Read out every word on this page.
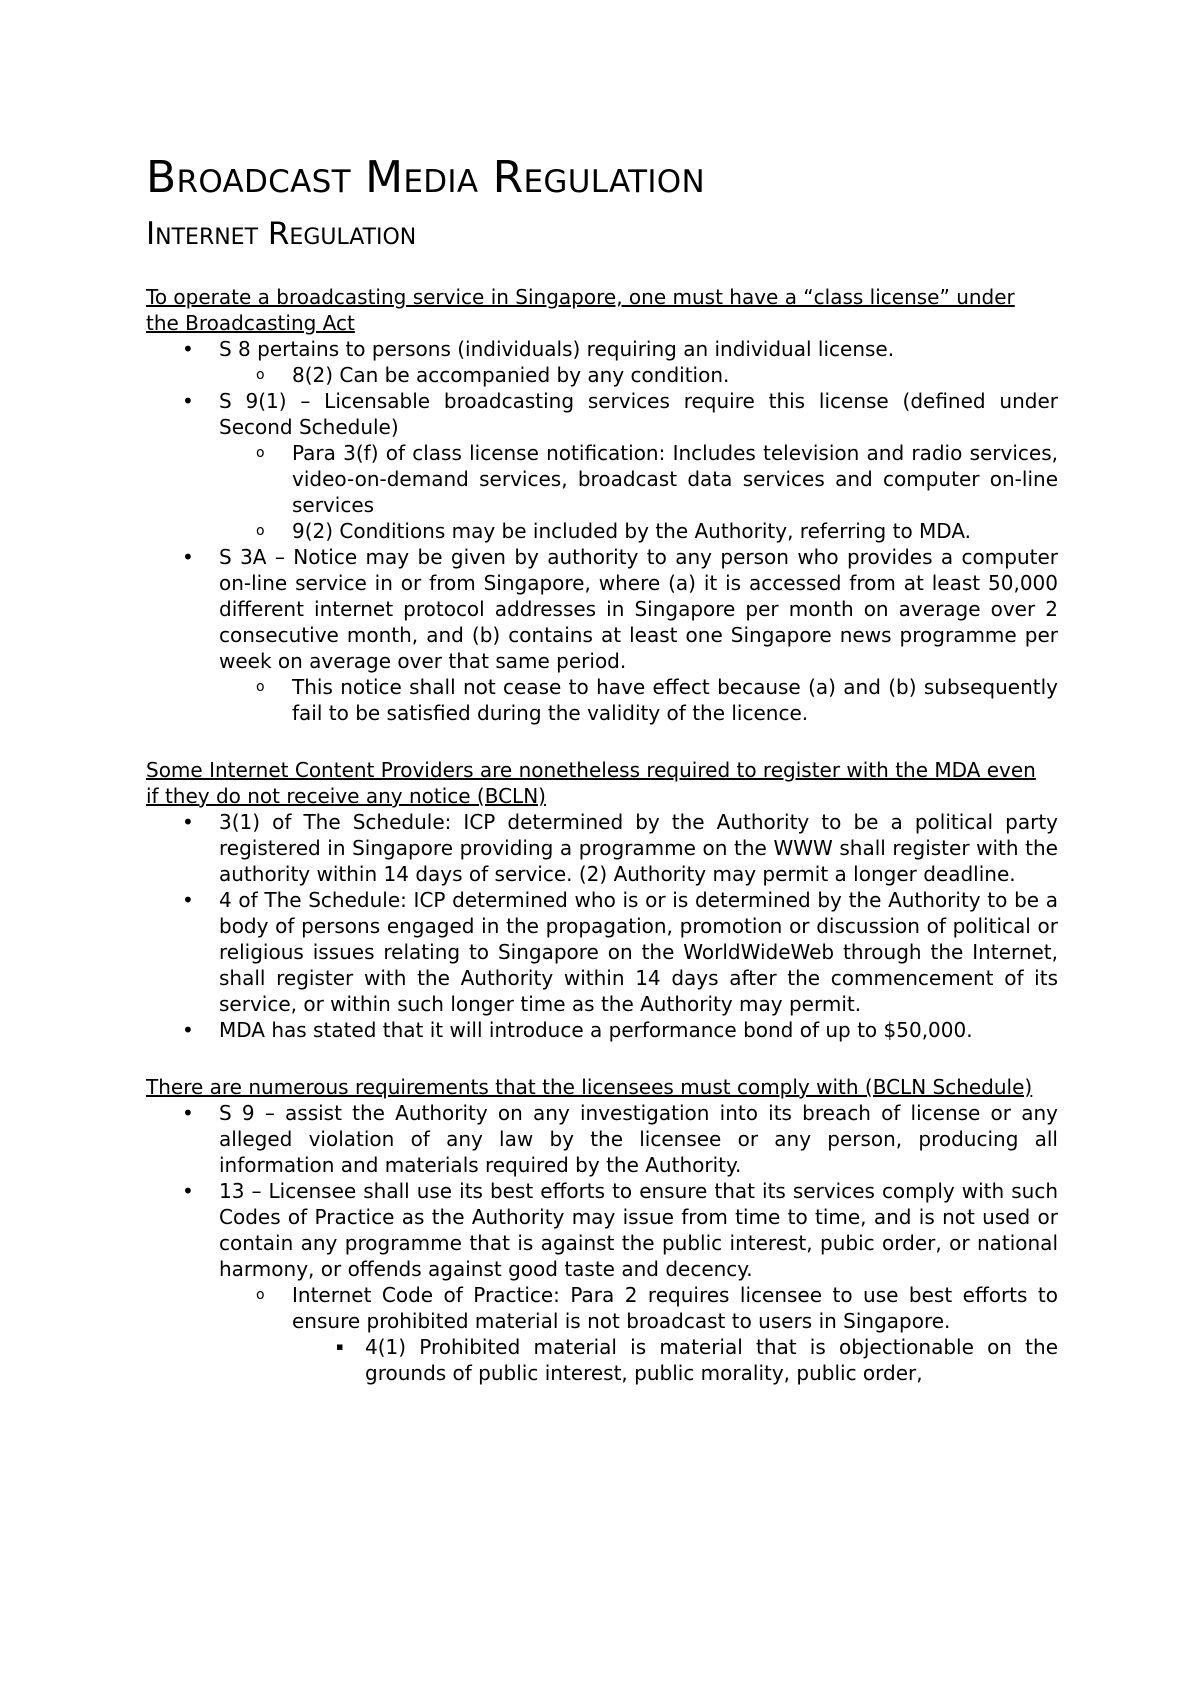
Broadcast Media Regulation
Internet Regulation

To operate a broadcasting service in Singapore, one must have a “class license” under the Broadcasting Act

• S 8 pertains to persons (individuals) requiring an individual license.
o 8(2) Can be accompanied by any condition.
• S 9(1) – Licensable broadcasting services require this license (defined under Second Schedule)
o Para 3(f) of class license notification: Includes television and radio services, video-on-demand services, broadcast data services and computer on-line services
o 9(2) Conditions may be included by the Authority, referring to MDA.
• S 3A – Notice may be given by authority to any person who provides a computer on-line service in or from Singapore, where (a) it is accessed from at least 50,000 different internet protocol addresses in Singapore per month on average over 2 consecutive month, and (b) contains at least one Singapore news programme per week on average over that same period.
o This notice shall not cease to have effect because (a) and (b) subsequently fail to be satisfied during the validity of the licence.

Some Internet Content Providers are nonetheless required to register with the MDA even if they do not receive any notice (BCLN)

• 3(1) of The Schedule: ICP determined by the Authority to be a political party registered in Singapore providing a programme on the WWW shall register with the authority within 14 days of service. (2) Authority may permit a longer deadline.
• 4 of The Schedule: ICP determined who is or is determined by the Authority to be a body of persons engaged in the propagation, promotion or discussion of political or religious issues relating to Singapore on the WorldWideWeb through the Internet, shall register with the Authority within 14 days after the commencement of its service, or within such longer time as the Authority may permit.
• MDA has stated that it will introduce a performance bond of up to $50,000.

There are numerous requirements that the licensees must comply with (BCLN Schedule)

• S 9 – assist the Authority on any investigation into its breach of license or any alleged violation of any law by the licensee or any person, producing all information and materials required by the Authority.
• 13 – Licensee shall use its best efforts to ensure that its services comply with such Codes of Practice as the Authority may issue from time to time, and is not used or contain any programme that is against the public interest, pubic order, or national harmony, or offends against good taste and decency.
o Internet Code of Practice: Para 2 requires licensee to use best efforts to ensure prohibited material is not broadcast to users in Singapore.
▪ 4(1) Prohibited material is material that is objectionable on the grounds of public interest, public morality, public order,
